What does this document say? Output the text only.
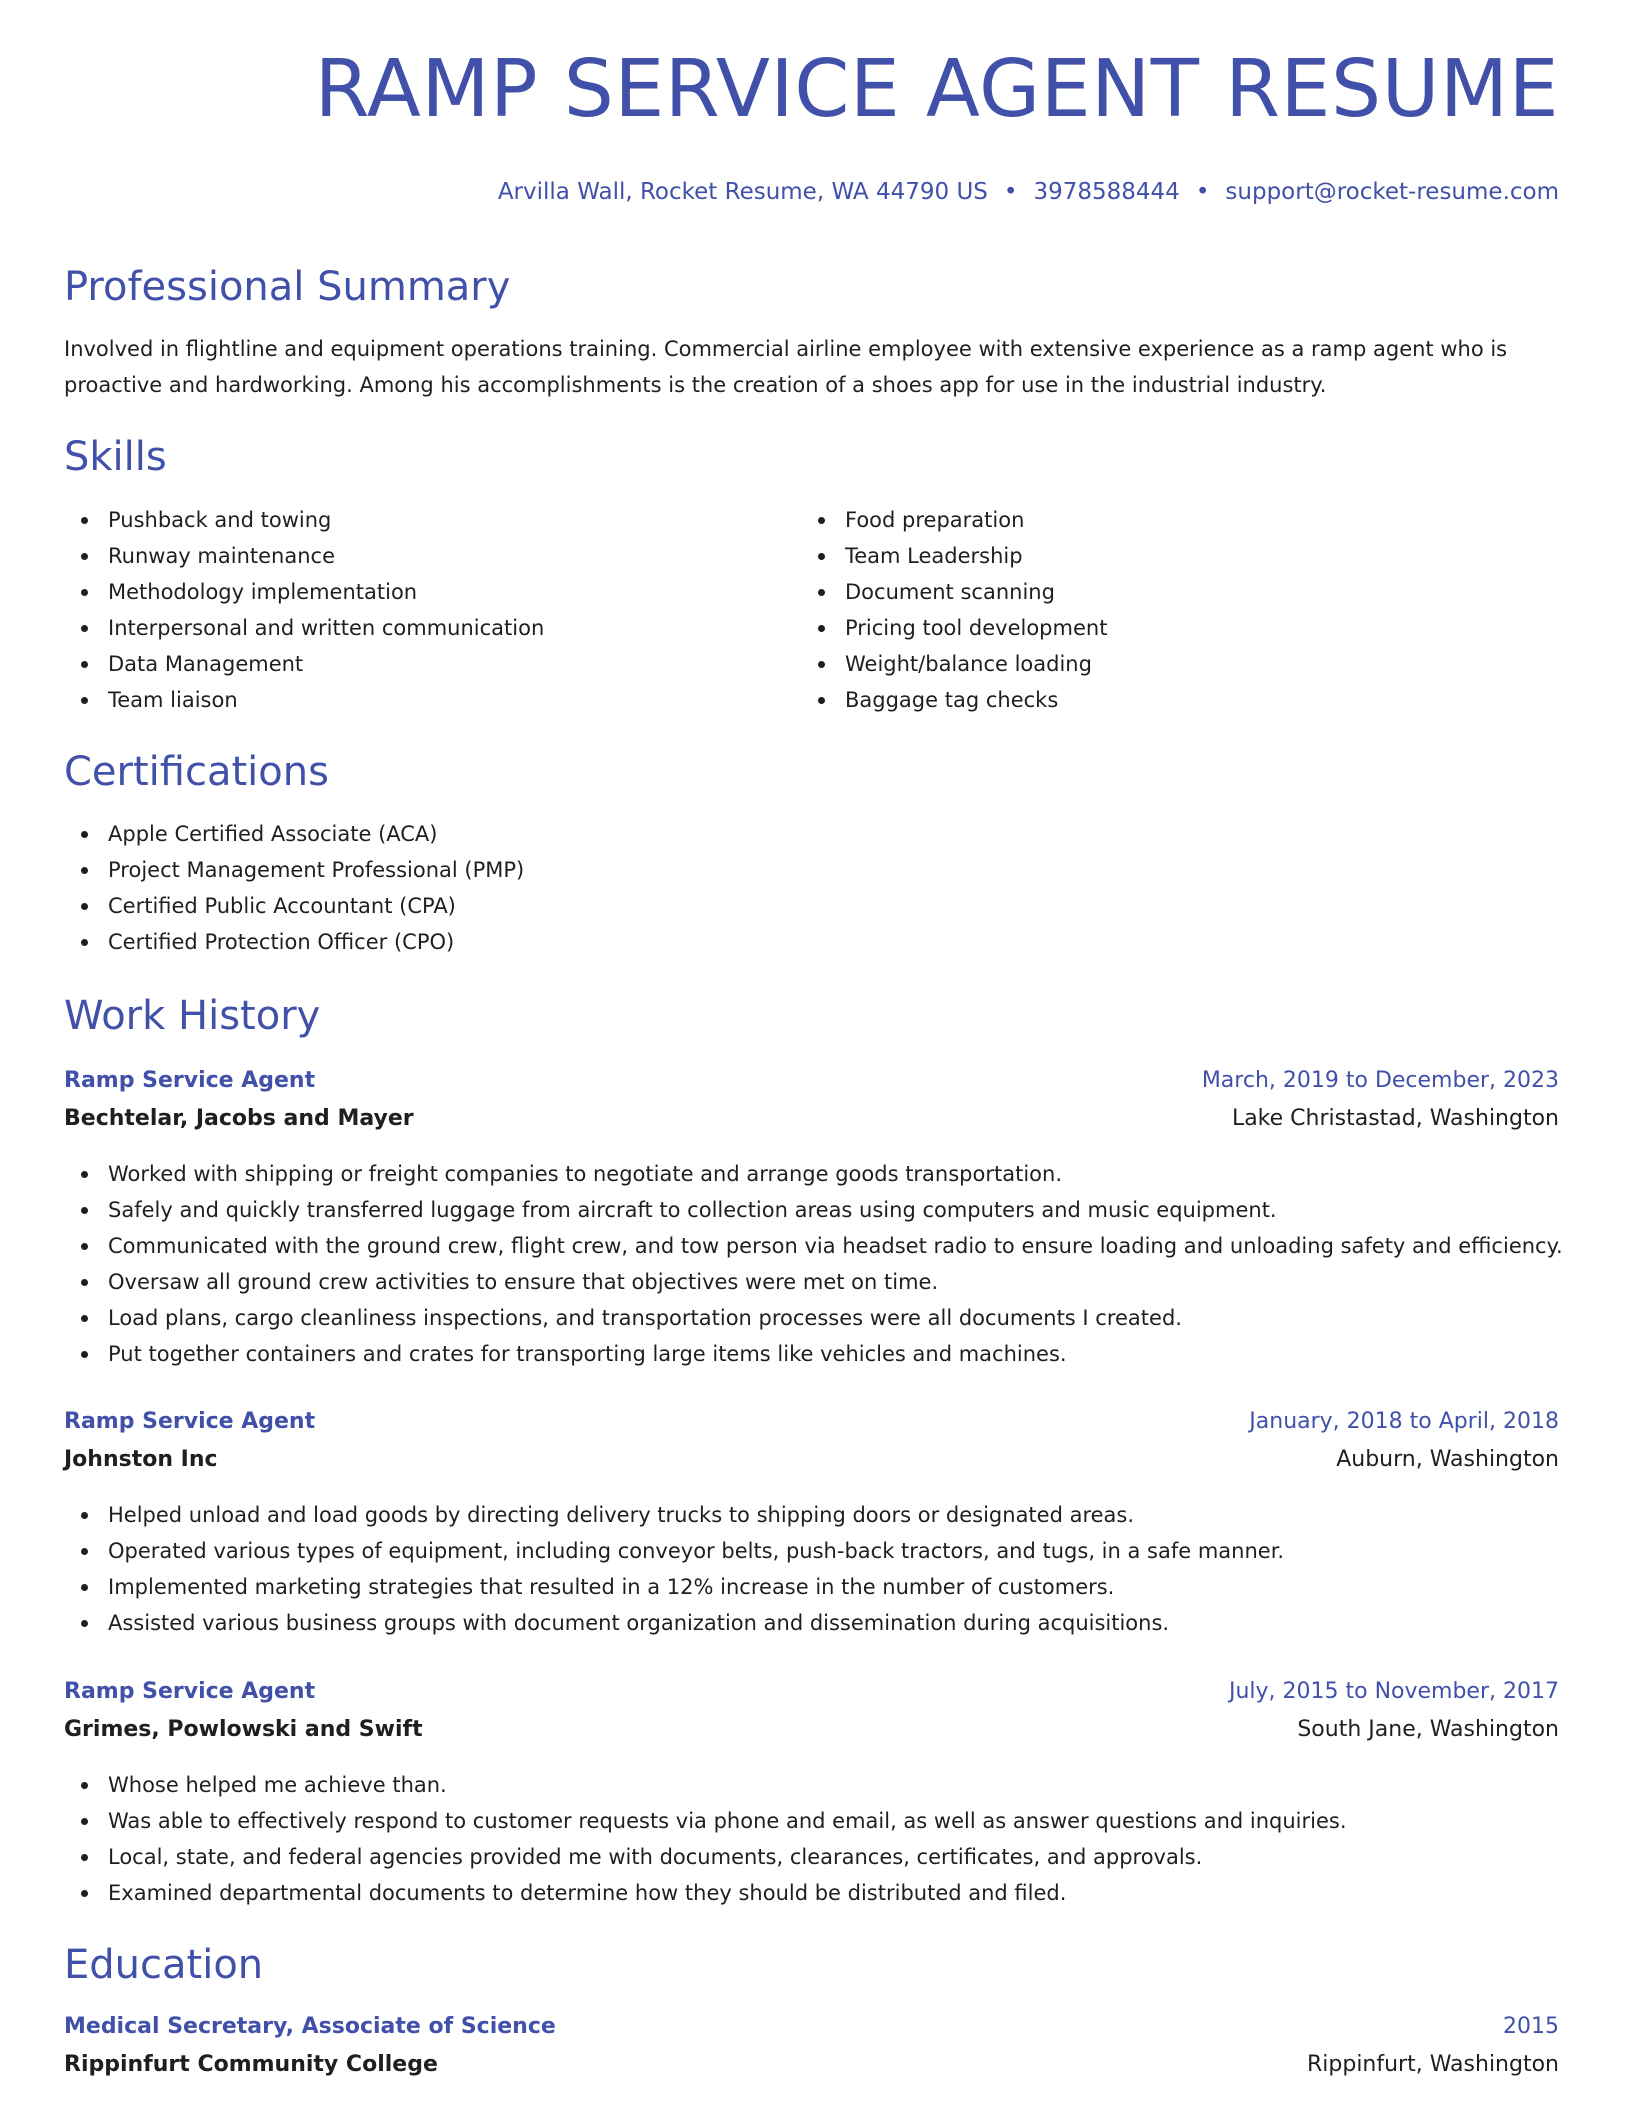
RAMP SERVICE AGENT RESUME
Arvilla Wall, Rocket Resume, WA 44790 US • 3978588444 • support@rocket-resume.com
Professional Summary

Involved in flightline and equipment operations training. Commercial airline employee with extensive experience as a ramp agent who is proactive and hardworking. Among his accomplishments is the creation of a shoes app for use in the industrial industry.

Skills
Pushback and towing
Runway maintenance
Methodology implementation
Interpersonal and written communication
Data Management
Team liaison
Food preparation
Team Leadership
Document scanning
Pricing tool development
Weight/balance loading
Baggage tag checks
Certifications
Apple Certified Associate (ACA)
Project Management Professional (PMP)
Certified Public Accountant (CPA)
Certified Protection Officer (CPO)
Work History
Ramp Service Agent	March, 2019 to December, 2023
Bechtelar, Jacobs and Mayer	Lake Christastad, Washington
Worked with shipping or freight companies to negotiate and arrange goods transportation.
Safely and quickly transferred luggage from aircraft to collection areas using computers and music equipment.
Communicated with the ground crew, flight crew, and tow person via headset radio to ensure loading and unloading safety and efficiency.
Oversaw all ground crew activities to ensure that objectives were met on time.
Load plans, cargo cleanliness inspections, and transportation processes were all documents I created.
Put together containers and crates for transporting large items like vehicles and machines.
Ramp Service Agent	January, 2018 to April, 2018
Johnston Inc	Auburn, Washington
Helped unload and load goods by directing delivery trucks to shipping doors or designated areas.
Operated various types of equipment, including conveyor belts, push-back tractors, and tugs, in a safe manner.
Implemented marketing strategies that resulted in a 12% increase in the number of customers.
Assisted various business groups with document organization and dissemination during acquisitions.
Ramp Service Agent	July, 2015 to November, 2017
Grimes, Powlowski and Swift	South Jane, Washington
Whose helped me achieve than.
Was able to effectively respond to customer requests via phone and email, as well as answer questions and inquiries.
Local, state, and federal agencies provided me with documents, clearances, certificates, and approvals.
Examined departmental documents to determine how they should be distributed and filed.
Education
Medical Secretary, Associate of Science	2015
Rippinfurt Community College	Rippinfurt, Washington
